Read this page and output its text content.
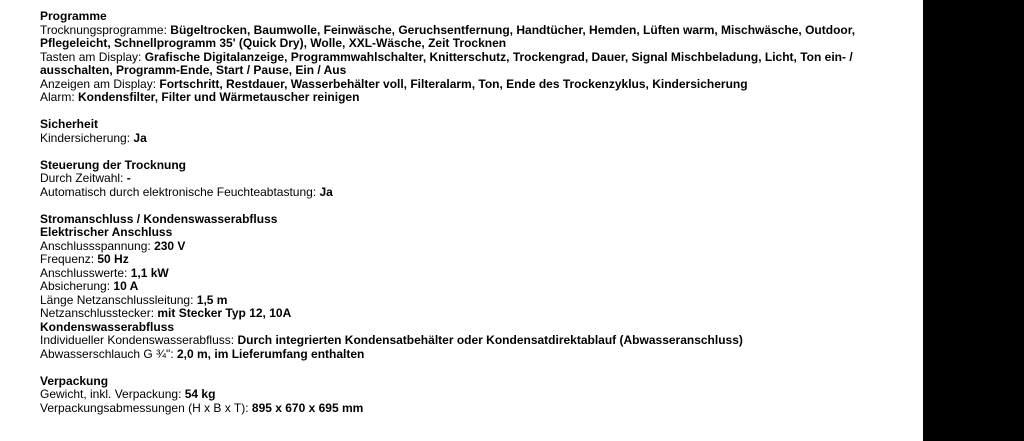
Programme
Trocknungsprogramme: Bügeltrocken, Baumwolle, Feinwäsche, Geruchsentfernung, Handtücher, Hemden, Lüften warm, Mischwäsche, Outdoor, Pflegeleicht, Schnellprogramm 35' (Quick Dry), Wolle, XXL-Wäsche, Zeit Trocknen
Tasten am Display: Grafische Digitalanzeige, Programmwahlschalter, Knitterschutz, Trockengrad, Dauer, Signal Mischbeladung, Licht, Ton ein- / ausschalten, Programm-Ende, Start / Pause, Ein / Aus
Anzeigen am Display: Fortschritt, Restdauer, Wasserbehälter voll, Filteralarm, Ton, Ende des Trockenzyklus, Kindersicherung
Alarm: Kondensfilter, Filter und Wärmetauscher reinigen
Sicherheit
Kindersicherung: Ja
Steuerung der Trocknung
Durch Zeitwahl: -
Automatisch durch elektronische Feuchteabtastung: Ja
Stromanschluss / Kondenswasserabfluss
Elektrischer Anschluss
Anschlussspannung: 230 V
Frequenz: 50 Hz
Anschlusswerte: 1,1 kW
Absicherung: 10 A
Länge Netzanschlussleitung: 1,5 m
Netzanschlusstecker: mit Stecker Typ 12, 10A
Kondenswasserabfluss
Individueller Kondenswasserabfluss: Durch integrierten Kondensatbehälter oder Kondensatdirektablauf (Abwasseranschluss)
Abwasserschlauch G ¾": 2,0 m, im Lieferumfang enthalten
Verpackung
Gewicht, inkl. Verpackung: 54 kg
Verpackungsabmessungen (H x B x T): 895 x 670 x 695 mm
